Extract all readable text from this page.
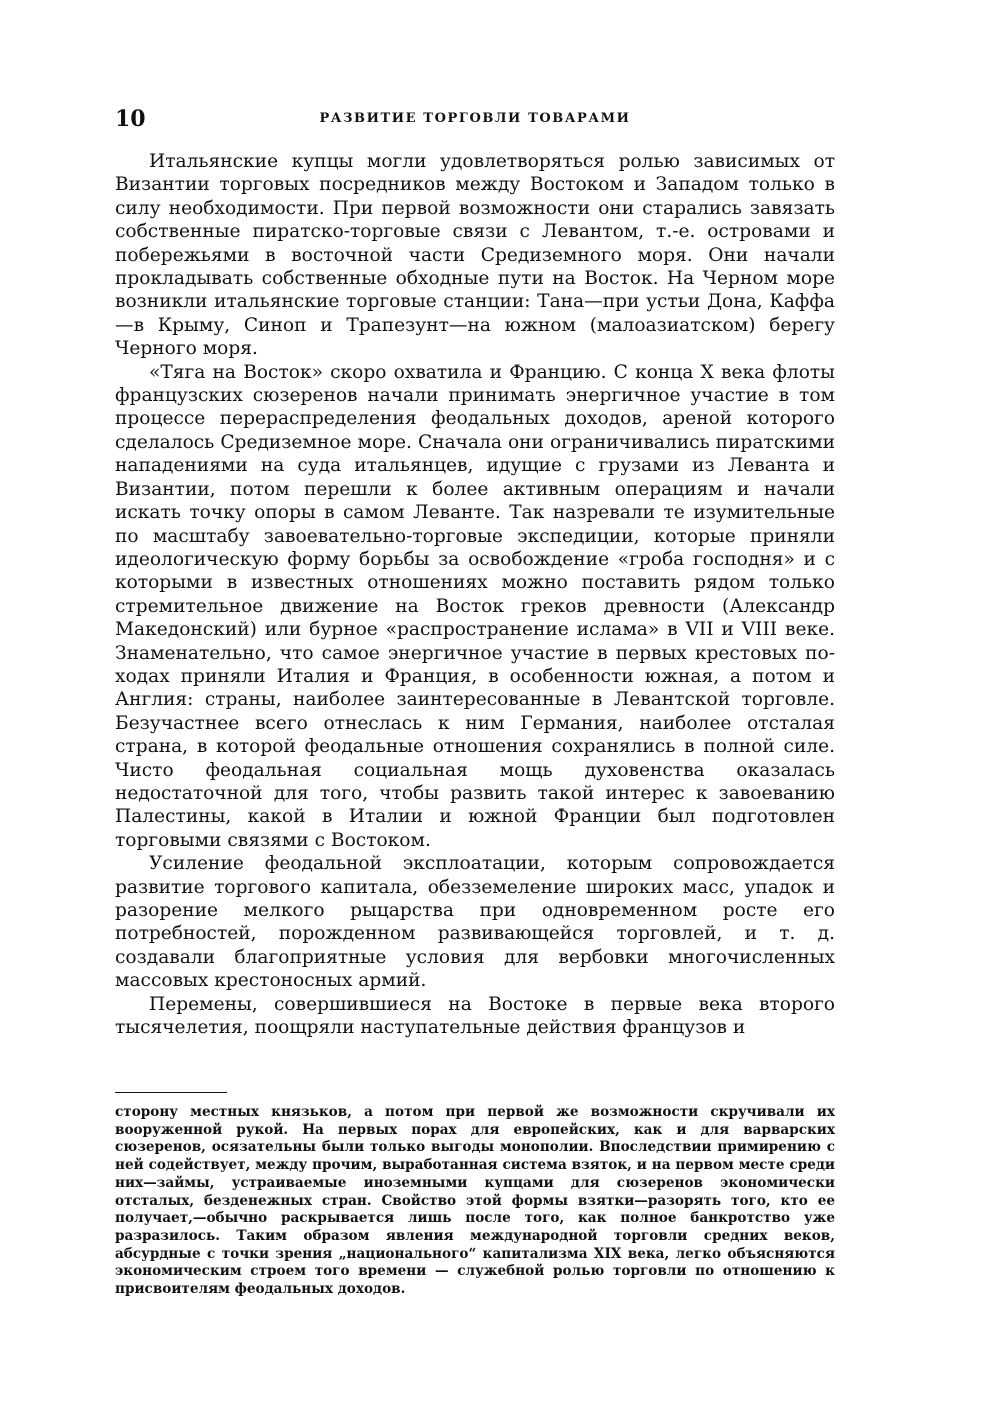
10	РАЗВИТИЕ ТОРГОВЛИ ТОВАРАМИ

Итальянские купцы могли удовлетворяться ролью зависимых от Византии торговых посредников между Востоком и Западом только в силу необходимости. При первой возможности они старались завязать собственные пиратско-торговые связи с Левантом, т.-е. островами и побережьями в восточной части Средиземного моря. Они начали прокладывать собственные обходные пути на Восток. На Черном море возникли итальянские торговые станции: Тана—при устьи Дона, Каффа—в Крыму, Синоп и Трапезунт—на южном (малоазиатском) берегу Черного моря.

«Тяга на Восток» скоро охватила и Францию. С конца X века флоты французских сюзеренов начали принимать энергичное участие в том процессе перераспределения феодальных доходов, ареной которого сделалось Средиземное море. Сначала они ограничивались пиратскими нападениями на суда итальянцев, идущие с грузами из Леванта и Византии, потом перешли к более активным операциям и начали искать точку опоры в самом Леванте. Так назревали те изумительные по масштабу завоевательно-торговые экспедиции, которые приняли идеологическую форму борьбы за освобождение «гроба господня» и с которыми в известных отношениях можно поставить рядом только стремительное движение на Восток греков древности (Александр Македонский) или бурное «распространение ислама» в VII и VIII веке. Знаменательно, что самое энергичное участие в первых крестовых походах приняли Италия и Франция, в особенности южная, а потом и Англия: страны, наиболее заинтересованные в Левантской торговле. Безучастнее всего отнеслась к ним Германия, наиболее отсталая страна, в которой феодальные отношения сохранялись в полной силе. Чисто феодальная социальная мощь духовенства оказалась недостаточной для того, чтобы развить такой интерес к завоеванию Палестины, какой в Италии и южной Франции был подготовлен торговыми связями с Востоком.

Усиление феодальной эксплоатации, которым сопровождается развитие торгового капитала, обезземеление широких масс, упадок и разорение мелкого рыцарства при одновременном росте его потребностей, порожденном развивающейся торговлей, и т. д. создавали благоприятные условия для вербовки многочисленных массовых крестоносных армий.

Перемены, совершившиеся на Востоке в первые века второго тысячелетия, поощряли наступательные действия французов и

сторону местных князьков, а потом при первой же возможности скручивали их вооруженной рукой. На первых порах для европейских, как и для варварских сюзеренов, осязательны были только выгоды монополии. Впоследствии примирению с ней содействует, между прочим, выработанная система взяток, и на первом месте среди них—займы, устраиваемые иноземными купцами для сюзеренов экономически отсталых, безденежных стран. Свойство этой формы взятки—разорять того, кто ее получает,—обычно раскрывается лишь после того, как полное банкротство уже разразилось. Таким образом явления международной торговли средних веков, абсурдные с точки зрения „национального“ капитализма XIX века, легко объясняются экономическим строем того времени — служебной ролью торговли по отношению к присвоителям феодальных доходов.
